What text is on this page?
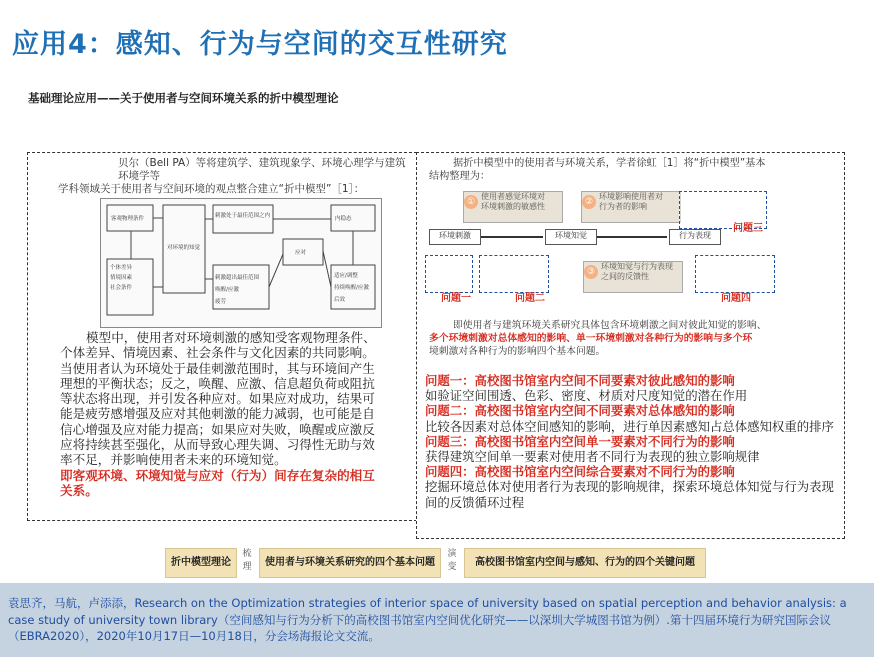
应用4：感知、行为与空间的交互性研究
基础理论应用——关于使用者与空间环境关系的折中模型理论
贝尔（Bell PA）等将建筑学、建筑现象学、环境心理学与建筑环境学等
学科领域关于使用者与空间环境的观点整合建立“折中模型”［1］：
客观物理条件
对环境的知觉
刺激处于最佳范围之内
刺激超出最佳范围
应对
个体差异
情境因素
社会条件
内稳态
唤醒/应激
适应/调整
持续唤醒/应激
后效
疲劳
模型中，使用者对环境刺激的感知受客观物理条件、
个体差异、情境因素、社会条件与文化因素的共同影响。
当使用者认为环境处于最佳刺激范围时，其与环境间产生
理想的平衡状态；反之，唤醒、应激、信息超负荷或阻抗
等状态将出现，并引发各种应对。如果应对成功，结果可
能是疲劳感增强及应对其他刺激的能力减弱，也可能是自
信心增强及应对能力提高；如果应对失败，唤醒或应激反
应将持续甚至强化，从而导致心理失调、习得性无助与效
率不足，并影响使用者未来的环境知觉。
即客观环境、环境知觉与应对（行为）间存在复杂的相互
关系。
据折中模型中的使用者与环境关系，学者徐虹［1］将“折中模型”基本
结构整理为：
①使用者感觉环境对
环境刺激的敏感性	②环境影响使用者对
行为者的影响
问题三
环境刺激	环境知觉	行为表现
问题一	问题二
③环境知觉与行为表现
之间的反馈性
问题四
即使用者与建筑环境关系研究具体包含环境刺激之间对彼此知觉的影响、
多个环境刺激对总体感知的影响、单一环境刺激对各种行为的影响与多个环
境刺激对各种行为的影响四个基本问题。
问题一：高校图书馆室内空间不同要素对彼此感知的影响
如验证空间围透、色彩、密度、材质对尺度知觉的潜在作用
问题二：高校图书馆室内空间不同要素对总体感知的影响
比较各因素对总体空间感知的影响，进行单因素感知占总体感知权重的排序
问题三：高校图书馆室内空间单一要素对不同行为的影响
获得建筑空间单一要素对使用者不同行为表现的独立影响规律
问题四：高校图书馆室内空间综合要素对不同行为的影响
挖掘环境总体对使用者行为表现的影响规律，探索环境总体知觉与行为表现间的反馈循环过程
折中模型理论
梳
理	使用者与环境关系研究的四个基本问题
演
变	高校图书馆室内空间与感知、行为的四个关键问题
袁思齐，马航，卢添添，Research on the Optimization strategies of interior space of university based on spatial perception and behavior analysis: a case study of university town library（空间感知与行为分析下的高校图书馆室内空间优化研究——以深圳大学城图书馆为例）.第十四届环境行为研究国际会议（EBRA2020），2020年10月17日—10月18日，分会场海报论文交流。
